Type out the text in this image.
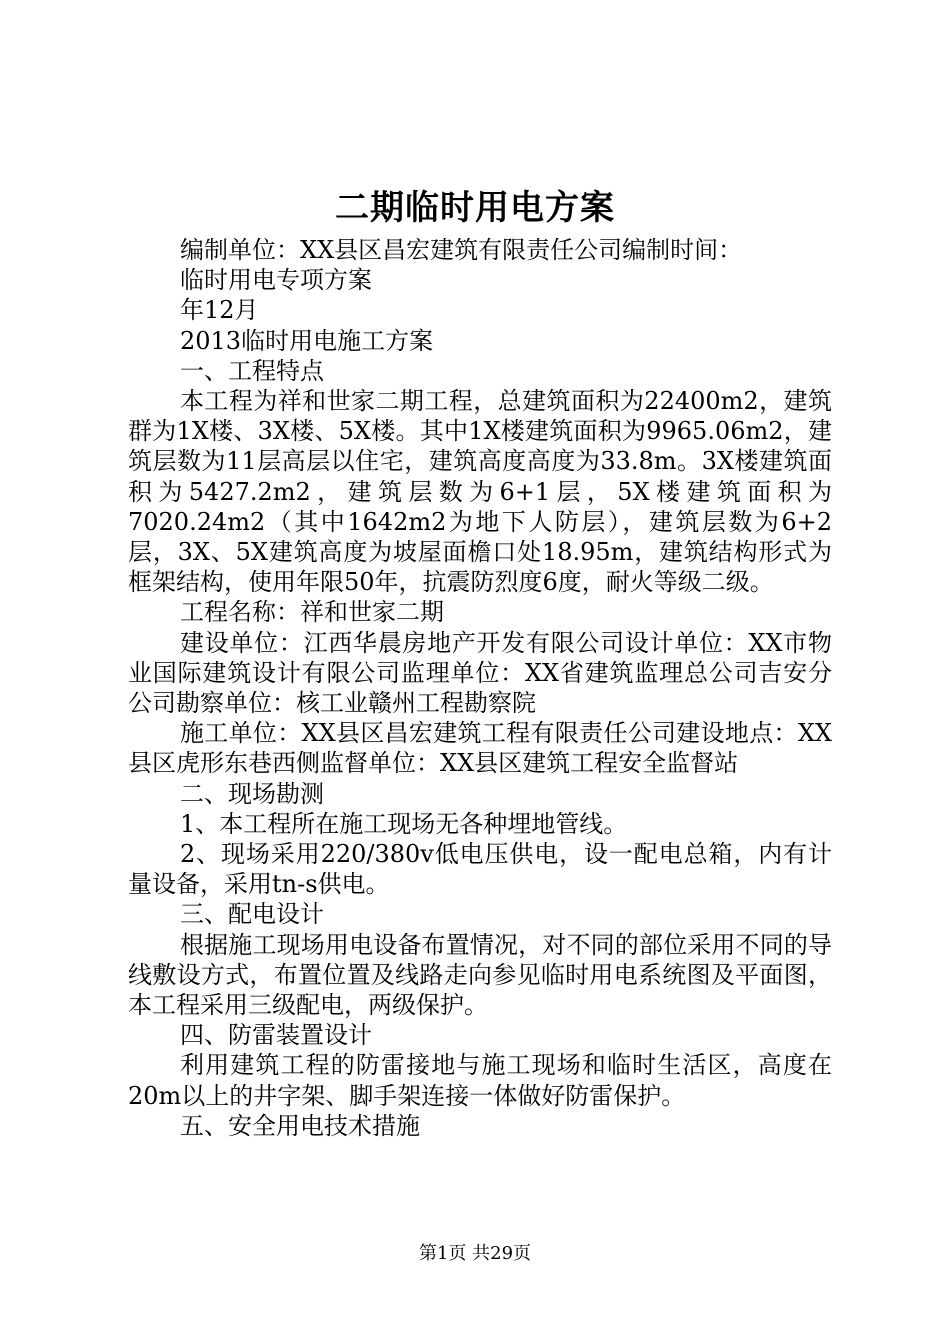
二期临时用电方案

编制单位：XX县区昌宏建筑有限责任公司编制时间：

临时用电专项方案

年12月

2013临时用电施工方案

一、工程特点

本工程为祥和世家二期工程，总建筑面积为22400m2，建筑群为1X楼、3X楼、5X楼。其中1X楼建筑面积为9965.06m2，建筑层数为11层高层以住宅，建筑高度高度为33.8m。3X楼建筑面积为5427.2m2，建筑层数为6+1层，5X楼建筑面积为7020.24m2（其中1642m2为地下人防层），建筑层数为6+2层，3X、5X建筑高度为坡屋面檐口处18.95m，建筑结构形式为框架结构，使用年限50年，抗震防烈度6度，耐火等级二级。

工程名称：祥和世家二期

建设单位：江西华晨房地产开发有限公司设计单位：XX市物业国际建筑设计有限公司监理单位：XX省建筑监理总公司吉安分公司勘察单位：核工业赣州工程勘察院

施工单位：XX县区昌宏建筑工程有限责任公司建设地点：XX县区虎形东巷西侧监督单位：XX县区建筑工程安全监督站

二、现场勘测

1、本工程所在施工现场无各种埋地管线。

2、现场采用220/380v低电压供电，设一配电总箱，内有计量设备，采用tn-s供电。

三、配电设计

根据施工现场用电设备布置情况，对不同的部位采用不同的导线敷设方式，布置位置及线路走向参见临时用电系统图及平面图，本工程采用三级配电，两级保护。

四、防雷装置设计

利用建筑工程的防雷接地与施工现场和临时生活区，高度在20m以上的井字架、脚手架连接一体做好防雷保护。

五、安全用电技术措施

第1页 共29页
